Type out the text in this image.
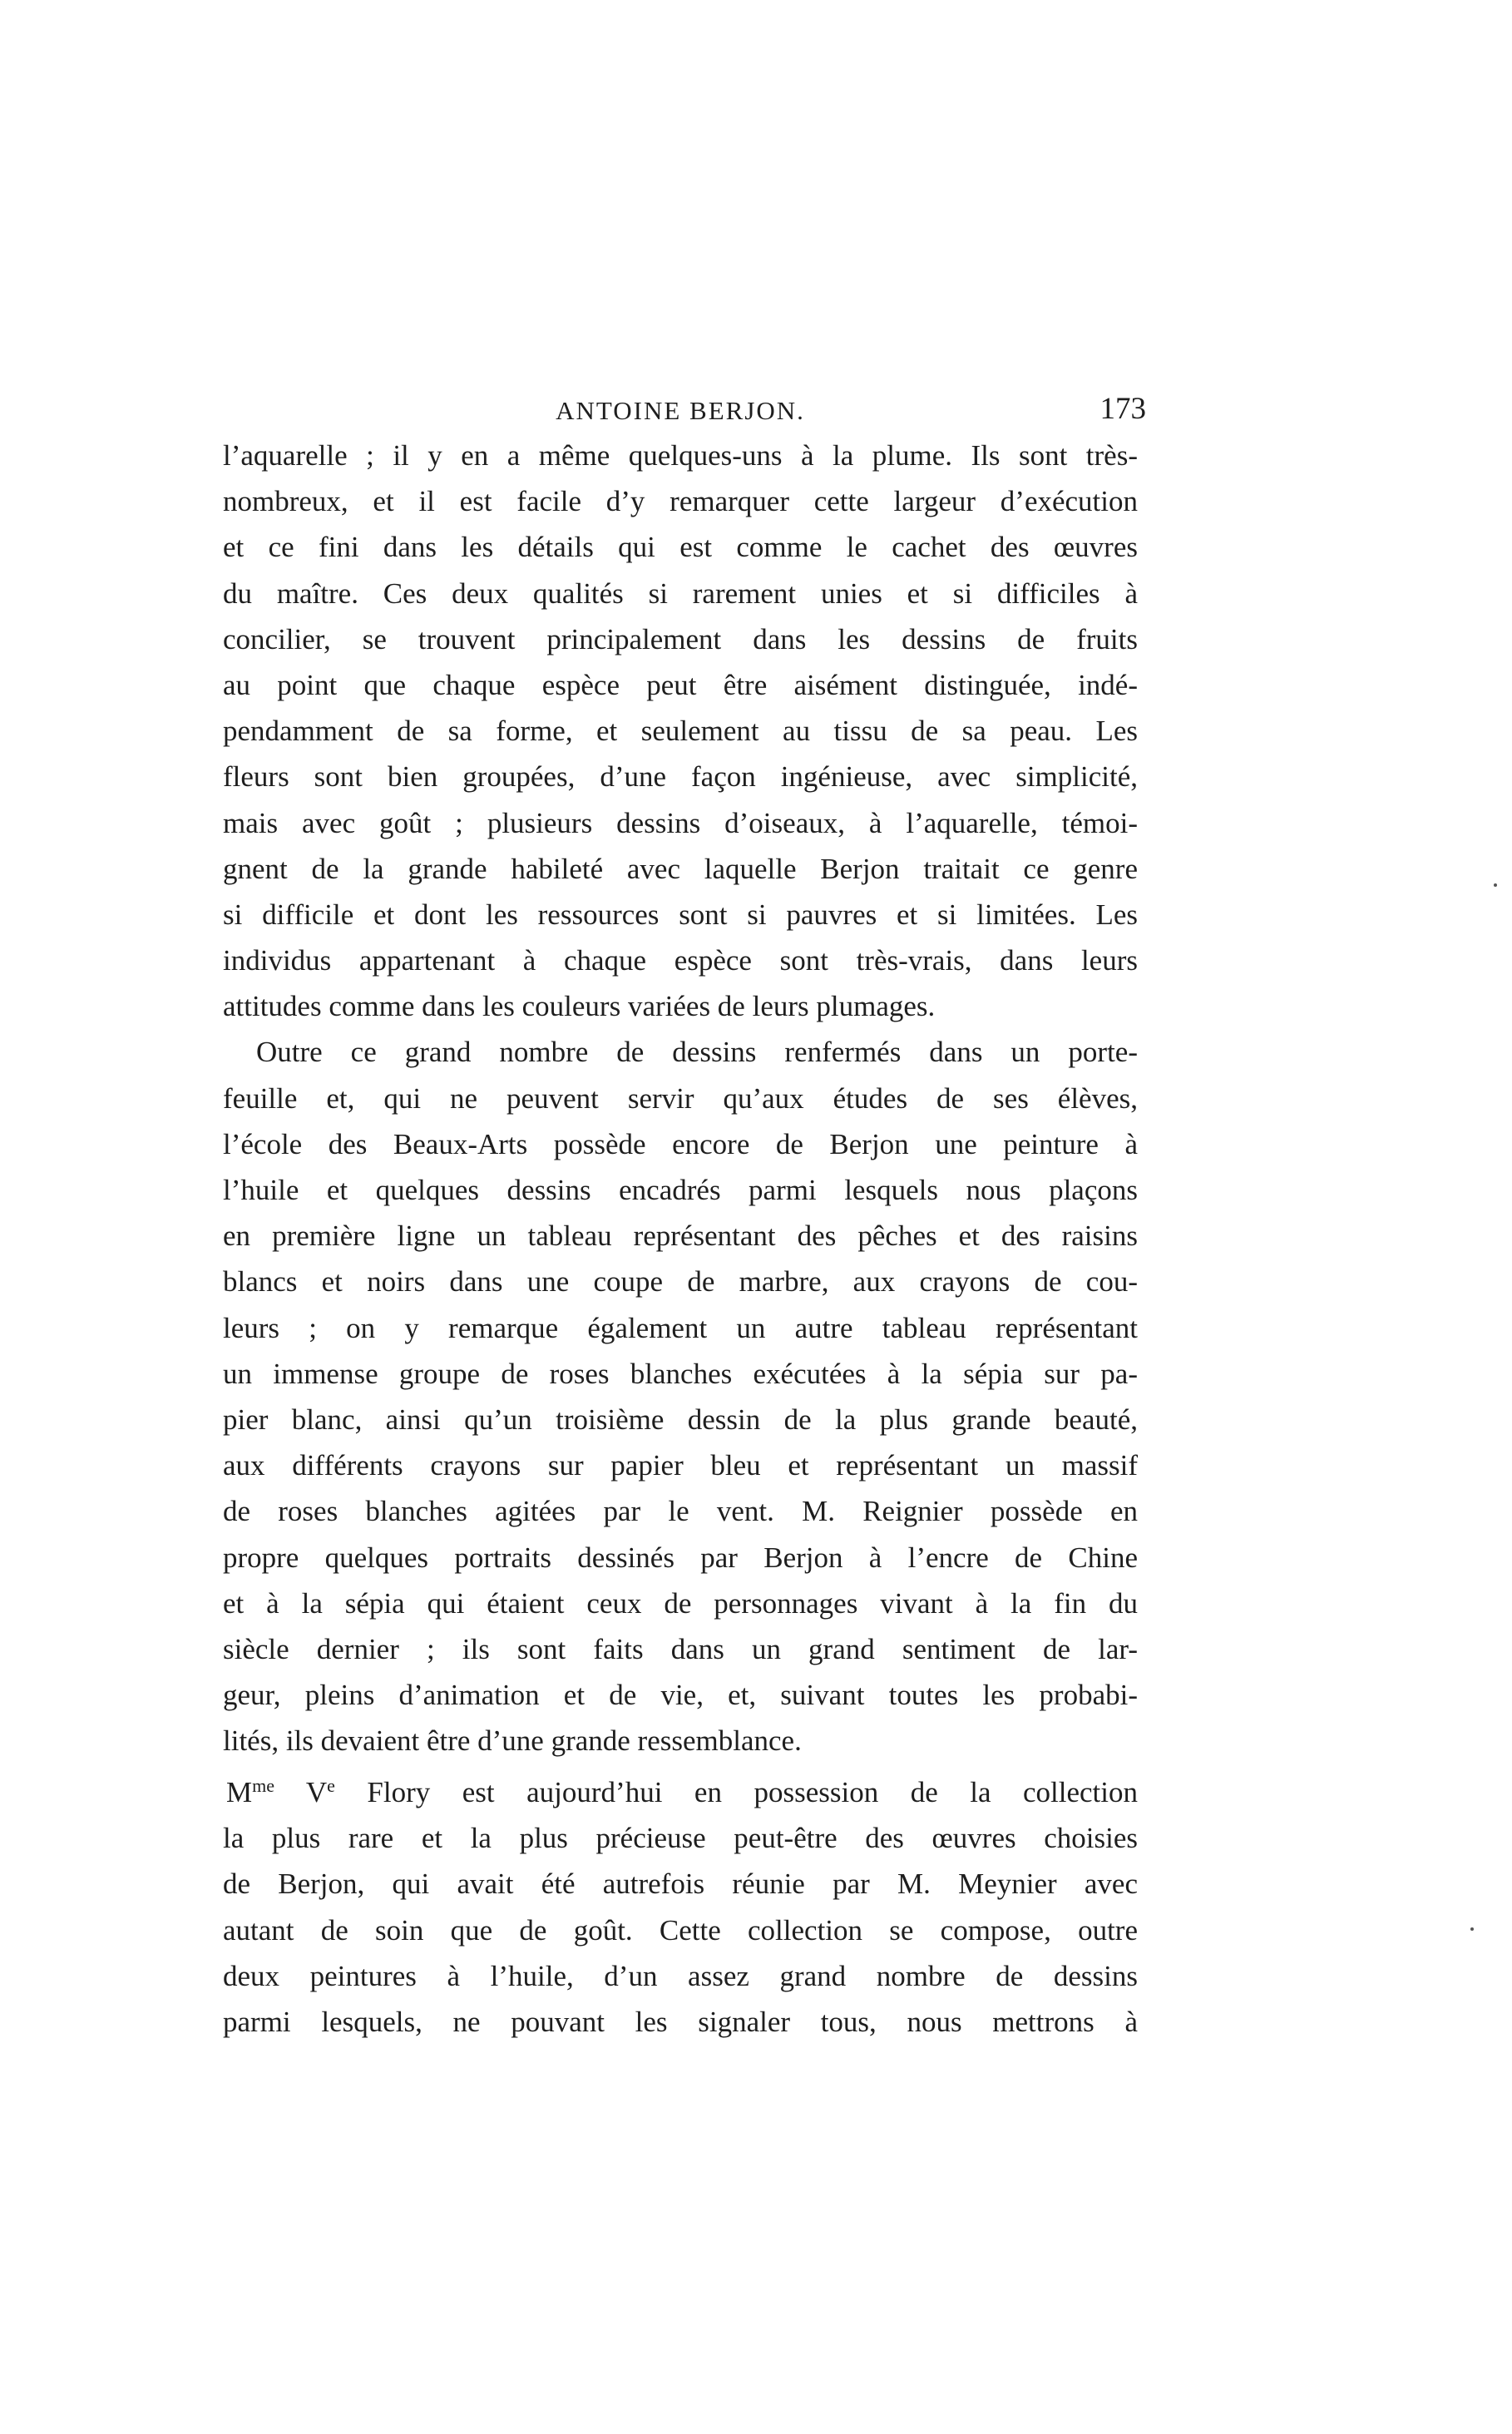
ANTOINE BERJON.	173
l’aquarelle ; il y en a même quelques-uns à la plume. Ils sont très-
nombreux, et il est facile d’y remarquer cette largeur d’exécution
et ce fini dans les détails qui est comme le cachet des œuvres
du maître. Ces deux qualités si rarement unies et si difficiles à
concilier, se trouvent principalement dans les dessins de fruits
au point que chaque espèce peut être aisément distinguée, indé-
pendamment de sa forme, et seulement au tissu de sa peau. Les
fleurs sont bien groupées, d’une façon ingénieuse, avec simplicité,
mais avec goût ; plusieurs dessins d’oiseaux, à l’aquarelle, témoi-
gnent de la grande habileté avec laquelle Berjon traitait ce genre
si difficile et dont les ressources sont si pauvres et si limitées. Les
individus appartenant à chaque espèce sont très-vrais, dans leurs
attitudes comme dans les couleurs variées de leurs plumages.
Outre ce grand nombre de dessins renfermés dans un porte-
feuille et, qui ne peuvent servir qu’aux études de ses élèves,
l’école des Beaux-Arts possède encore de Berjon une peinture à
l’huile et quelques dessins encadrés parmi lesquels nous plaçons
en première ligne un tableau représentant des pêches et des raisins
blancs et noirs dans une coupe de marbre, aux crayons de cou-
leurs ; on y remarque également un autre tableau représentant
un immense groupe de roses blanches exécutées à la sépia sur pa-
pier blanc, ainsi qu’un troisième dessin de la plus grande beauté,
aux différents crayons sur papier bleu et représentant un massif
de roses blanches agitées par le vent. M. Reignier possède en
propre quelques portraits dessinés par Berjon à l’encre de Chine
et à la sépia qui étaient ceux de personnages vivant à la fin du
siècle dernier ; ils sont faits dans un grand sentiment de lar-
geur, pleins d’animation et de vie, et, suivant toutes les probabi-
lités, ils devaient être d’une grande ressemblance.
$M^{me}$ Ve Flory est aujourd’hui en possession de la collection
la plus rare et la plus précieuse peut-être des œuvres choisies
de Berjon, qui avait été autrefois réunie par M. Meynier avec
autant de soin que de goût. Cette collection se compose, outre
deux peintures à l’huile, d’un assez grand nombre de dessins
parmi lesquels, ne pouvant les signaler tous, nous mettrons à
